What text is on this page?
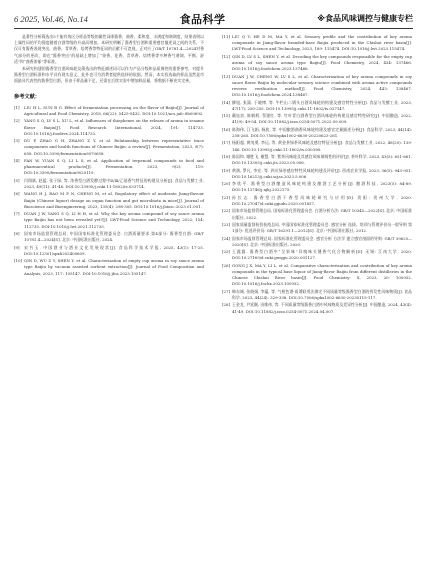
6 2025, Vol.46, No.14	食品科学	※食品风味调控与健康专栏

是著性分析筛选出5个能有效区分样品等级的属性词即酱香、曲香、柔和度、丰满度和谐调度，结果表明以上属性词的平均强度随着白酒等级的升高而增加。本研究明晰了酱香型白酒和重要感官描述词之间的关系，不仅可有酱香表现突出，曲香、青草香、焙烤香等特征词的贡献不可忽视，正对应了GB/T 10781.4—2024对香气部分的更改，即在“酱香突出”的基础上增加了“果香、花香、青草香、焙烤香等多种香气谐调、平衡、舒适”和“曲香浓郁”等标准。

本研究构建的酱香型白酒风味轮及筛选出的特征描述词可以作为产品分级和品质调控的重要参考，对提升酱香型白酒标准和水平具有现实意义，此外也可为消费者提供选择的依据。然而，本实验选取的样品虽然是市面最具代表性的酱香型白酒，但由于样品量不足，还需在后续实验中增加样品量，将数据不断充实完善。

参考文献：
[1]	LIU H L, SUN B G. Effect of fermentation processing on the flavor of Baijiu[J]. Journal of Agricultural and Food Chemistry, 2018, 66(22): 5425-5432. DOI:10.1021/acs.jafc.8b00692.
[2]	YANG S Q, LV S L, XU L, et al. Influences of thiophenes on the release of aroma in sesame flavor Baijiu[J]. Food Research International, 2024, 191: 114733. DOI:10.1016/j.foodres.2024.114733.
[3]	DU P, ZHAO G H, ZHANG Z Y, et al. Relationship between representative trace components and health functions of Chinese Baijiu: a review[J]. Fermentation, 2023, 9(7): 658. DOI:10.3390/fermentation9070658.
[4]	FAN W, YUAN S Q, LI L S, et al. Application of terpenoid compounds in food and pharmaceutical products[J]. Fermentation, 2023, 9(2): 119. DOI:10.3390/fermentation9020119.
[5]	闫翔斌, 赵猛, 张子绿, 等. 浓香型白酒发酵过程中Ⅱ/Ⅲ/乙基香气特征的构建及分析[J]. 食品与发酵工业, 2023, 49(11): 41-46. DOI:10.13995/j.cnki.11-1802/ts.033714.
[6]	WANG H J, RAO M P N, CHENG M, et al. Regulatory effect of moderate Jiang-flavour Baijiu (Chinese liquor) dosage on organ function and gut microbiota in mice[J]. Journal of Bioscience and Bioengineering, 2023, 135(4): 298-305. DOI:10.1016/j.jbiosc.2023.01.001.
[7]	DUAN J W, YANG S Q, LI H H, et al. Why the key aroma compound of soy sauce aroma type Baijiu has not been revealed yet?[J]. LWT-Food Science and Technology, 2022, 154: 112735. DOI:10.1016/j.lwt.2021.112735.
[8]	国家市场监督管理总局, 中国国家标准化管理委员会. 白酒质量要求 第4部分: 酱香型白酒: GB/T 10781.4—2024[S]. 北京: 中国标准出版社, 2024.
[9]	宋书玉. 中国酒业与酒业文化发展现状[J]. 食品科学技术学报, 2025, 43(1): 17-25. DOI:10.12301/spxb202400609.
[10] QIN D, WU Z Y, SHEN Y, et al. Characterization of empty cup aroma in soy sauce aroma type Baijiu by vacuum assisted sorbent extraction[J]. Journal of Food Composition and Analysis, 2023, 117: 105147. DOI:10.1016/j.jfca.2023.105147.
[11] LIU Q Y, HE D M, MA Y, et al. Sensory profile and the contribution of key aroma compounds in Jiang-flavor branded-base Baijiu produced in the Chishui river basin[J]. LWT-Food Science and Technology, 2023, 189: 115474. DOI:10.1016/j.lwt.2023.115474.
[12] QIN D, LV S L, SHEN Y, et al. Decoding the key compounds responsible for the empty cup aroma of soy sauce aroma type Baijiu[J]. Food Chemistry, 2024, 434: 137466. DOI:10.1016/j.foodchem.2023.137466.
[13] DUAN J W, CHENG W, LV S L, et al. Characterization of key aroma compounds in soy sauce flavor Baijiu by molecular sensory science combined with aroma active compounds reverse verification method[J]. Food Chemistry, 2024, 443: 138467. DOI:10.1016/j.foodchem.2024.138467.
[14] 柳旭, 张潇, 于晓博, 等. 牛栏山二锅头白酒风味轮的构建及感官特性分析[J]. 食品与发酵工业, 2023, 47(17): 250-255. DOI:10.13995/j.cnki.11-1802/ts.027147.
[15] 戴钰宸, 陈朝炳, 蔡建红, 等. 竹叶青白酒香型白酒风味轮的构建及感官特性研究[J]. 中国酿造, 2022, 41(9): 49-54. DOI:10.11882/j.issn.0254-5071.2022.09.009.
[16] 陈海伟, 江飞娟, 杨波, 等. 中国酿酒曲香风味轮构建及感官定量描述分析[J]. 食品科学, 2023, 44(14): 258-265. DOI:10.7506/spkx1002-6630-20220623-261.
[17] 杨阳超, 黄纯勇, 李运, 等. 黄金茶绿茶风味轮及感官特征分析[J]. 食品与发酵工业, 2022, 48(20): 139-146. DOI:10.13995/j.cnki.11-1802/ts.030396.
[18] 陈国和, 谢胜飞, 谢慧, 等. 紫茶风味轮及其感官风味谐调性的评价[J]. 茶叶科学, 2023, 43(5): 651-661. DOI:10.13305/j.cnki.jts.2023.05.006.
[19] 黄满, 罗凡, 李宏, 等. 四川绿茶感官特性风味轮构建及评价[J]. 西南农业学报, 2023, 36(5): 943-951. DOI:10.16213/j.cnki.scjas.2023.5.006.
[20] 李欣平. 酱香型白酒酿造风味轮构建及酿酒工艺分析[J]. 酿酒科技, 2023(5): 84-89. DOI:10.13746/j.njkj.2022175.
[21] 孙长志. 酱香型白酒干香型风味轮研究与应用[D]. 贵阳: 贵州大学, 2020. DOI:10.27047/d.cnki.ggudu.2020.001857.
[22] 国家市场监督管理总局, 国家标准化管理委员会. 白酒分析方法: GB/T 10345—2022[S]. 北京: 中国标准出版社, 2022.
[23] 国家质量监督检验检疫总局, 中国国家标准化管理委员会. 感官分析 选拔、培训与管理评价员一般导则 第1部分: 优选评价员: GB/T 16291.1—2012[S]. 北京: 中国标准出版社, 2012.
[24] 国家市场监督管理总局, 国家标准化管理委员会. 感官分析 方法学 建立感官剖面的导则: GB/T 39625—2020[S]. 北京: 中国标准出版社, 2020.
[25] 王露露. 酱香型白酒中“呈果味”异嗅味关键香气化合物解析[D]. 无锡: 江南大学, 2020. DOI:10.27169/d.cnki.gwqgu.2020.001127.
[26] GONG J X, MA Y, LI L, et al. Comparative characterization and contribution of key aroma compounds in the typical base liquor of Jiang-flavor Baijiu from different distilleries in the Chinese Chishui River basin[J]. Food Chemistry: X, 2023, 20: 100932. DOI:10.1016/j.fochx.2023.100932.
[27] 韩东城, 张晓娟, 李蕴, 等. 气相色谱-质谱联用法测定不同质量等级酱香型白酒的挥发性风味物质[J]. 食品科学, 2023, 44(24): 329-338. DOI:10.7506/spkx1002-6630-20230115-117.
[28] 王金龙, 尹延顺, 田维伟, 等. 不同质量等级酱香白酒中风味物质及差异性分析[J]. 中国酿造, 2024, 43(4): 41-49. DOI:10.11882/j.issn.0254-5071.2024.04.007.
